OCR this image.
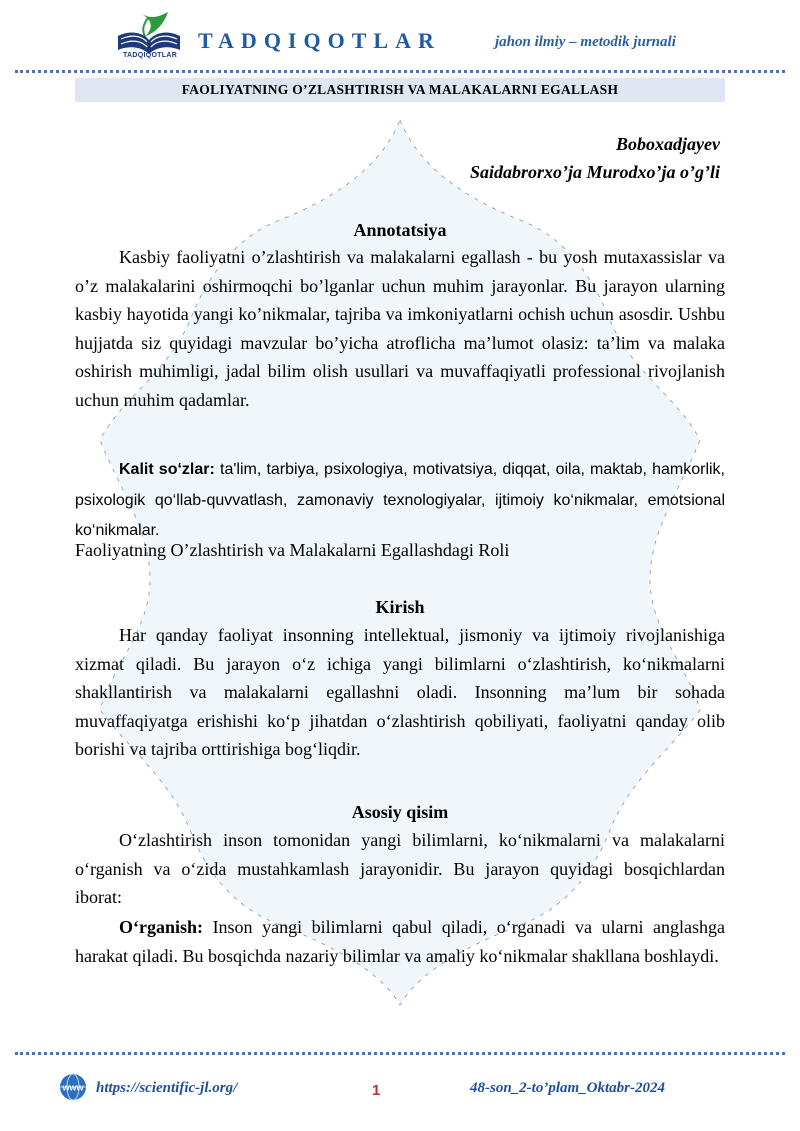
TADQIQOTLAR
TADQIQOTLAR	jahon ilmiy – metodik jurnali
FAOLIYATNING O’ZLASHTIRISH VA MALAKALARNI EGALLASH
Boboxadjayev
Saidabrorxo’ja Murodxo’ja o’g’li
Annotatsiya

Kasbiy faoliyatni o’zlashtirish va malakalarni egallash - bu yosh mutaxassislar va o’z malakalarini oshirmoqchi bo’lganlar uchun muhim jarayonlar. Bu jarayon ularning kasbiy hayotida yangi ko’nikmalar, tajriba va imkoniyatlarni ochish uchun asosdir. Ushbu hujjatda siz quyidagi mavzular bo’yicha atroflicha ma’lumot olasiz: ta’lim va malaka oshirish muhimligi, jadal bilim olish usullari va muvaffaqiyatli professional rivojlanish uchun muhim qadamlar.

Kalit so‘zlar: ta'lim, tarbiya, psixologiya, motivatsiya, diqqat, oila, maktab, hamkorlik, psixologik qo‘llab-quvvatlash, zamonaviy texnologiyalar, ijtimoiy ko‘nikmalar, emotsional ko‘nikmalar.

Faoliyatning O’zlashtirish va Malakalarni Egallashdagi Roli
Kirish

Har qanday faoliyat insonning intellektual, jismoniy va ijtimoiy rivojlanishiga xizmat qiladi. Bu jarayon o‘z ichiga yangi bilimlarni o‘zlashtirish, ko‘nikmalarni shakllantirish va malakalarni egallashni oladi. Insonning ma’lum bir sohada muvaffaqiyatga erishishi ko‘p jihatdan o‘zlashtirish qobiliyati, faoliyatni qanday olib borishi va tajriba orttirishiga bog‘liqdir.

Asosiy qisim

O‘zlashtirish inson tomonidan yangi bilimlarni, ko‘nikmalarni va malakalarni o‘rganish va o‘zida mustahkamlash jarayonidir. Bu jarayon quyidagi bosqichlardan iborat:

O‘rganish: Inson yangi bilimlarni qabul qiladi, o‘rganadi va ularni anglashga harakat qiladi. Bu bosqichda nazariy bilimlar va amaliy ko‘nikmalar shakllana boshlaydi.

www https://scientific-jl.org/	1	48-son_2-to’plam_Oktabr-2024
